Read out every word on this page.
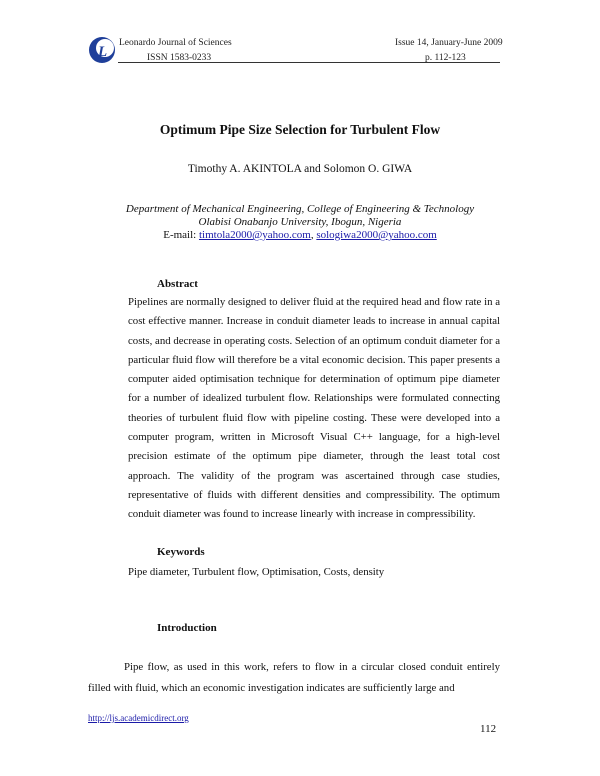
L
Leonardo Journal of Sciences
ISSN 1583-0233
Issue 14, January-June 2009
p. 112-123
Optimum Pipe Size Selection for Turbulent Flow
Timothy A. AKINTOLA and Solomon O. GIWA
Department of Mechanical Engineering, College of Engineering & Technology
Olabisi Onabanjo University, Ibogun, Nigeria
E-mail: timtola2000@yahoo.com, sologiwa2000@yahoo.com
Abstract
Pipelines are normally designed to deliver fluid at the required head and flow rate in a cost effective manner. Increase in conduit diameter leads to increase in annual capital costs, and decrease in operating costs. Selection of an optimum conduit diameter for a particular fluid flow will therefore be a vital economic decision. This paper presents a computer aided optimisation technique for determination of optimum pipe diameter for a number of idealized turbulent flow. Relationships were formulated connecting theories of turbulent fluid flow with pipeline costing. These were developed into a computer program, written in Microsoft Visual C++ language, for a high-level precision estimate of the optimum pipe diameter, through the least total cost approach. The validity of the program was ascertained through case studies, representative of fluids with different densities and compressibility. The optimum conduit diameter was found to increase linearly with increase in compressibility.
Keywords
Pipe diameter, Turbulent flow, Optimisation, Costs, density
Introduction
Pipe flow, as used in this work, refers to flow in a circular closed conduit entirely filled with fluid, which an economic investigation indicates are sufficiently large and
http://ljs.academicdirect.org
112
